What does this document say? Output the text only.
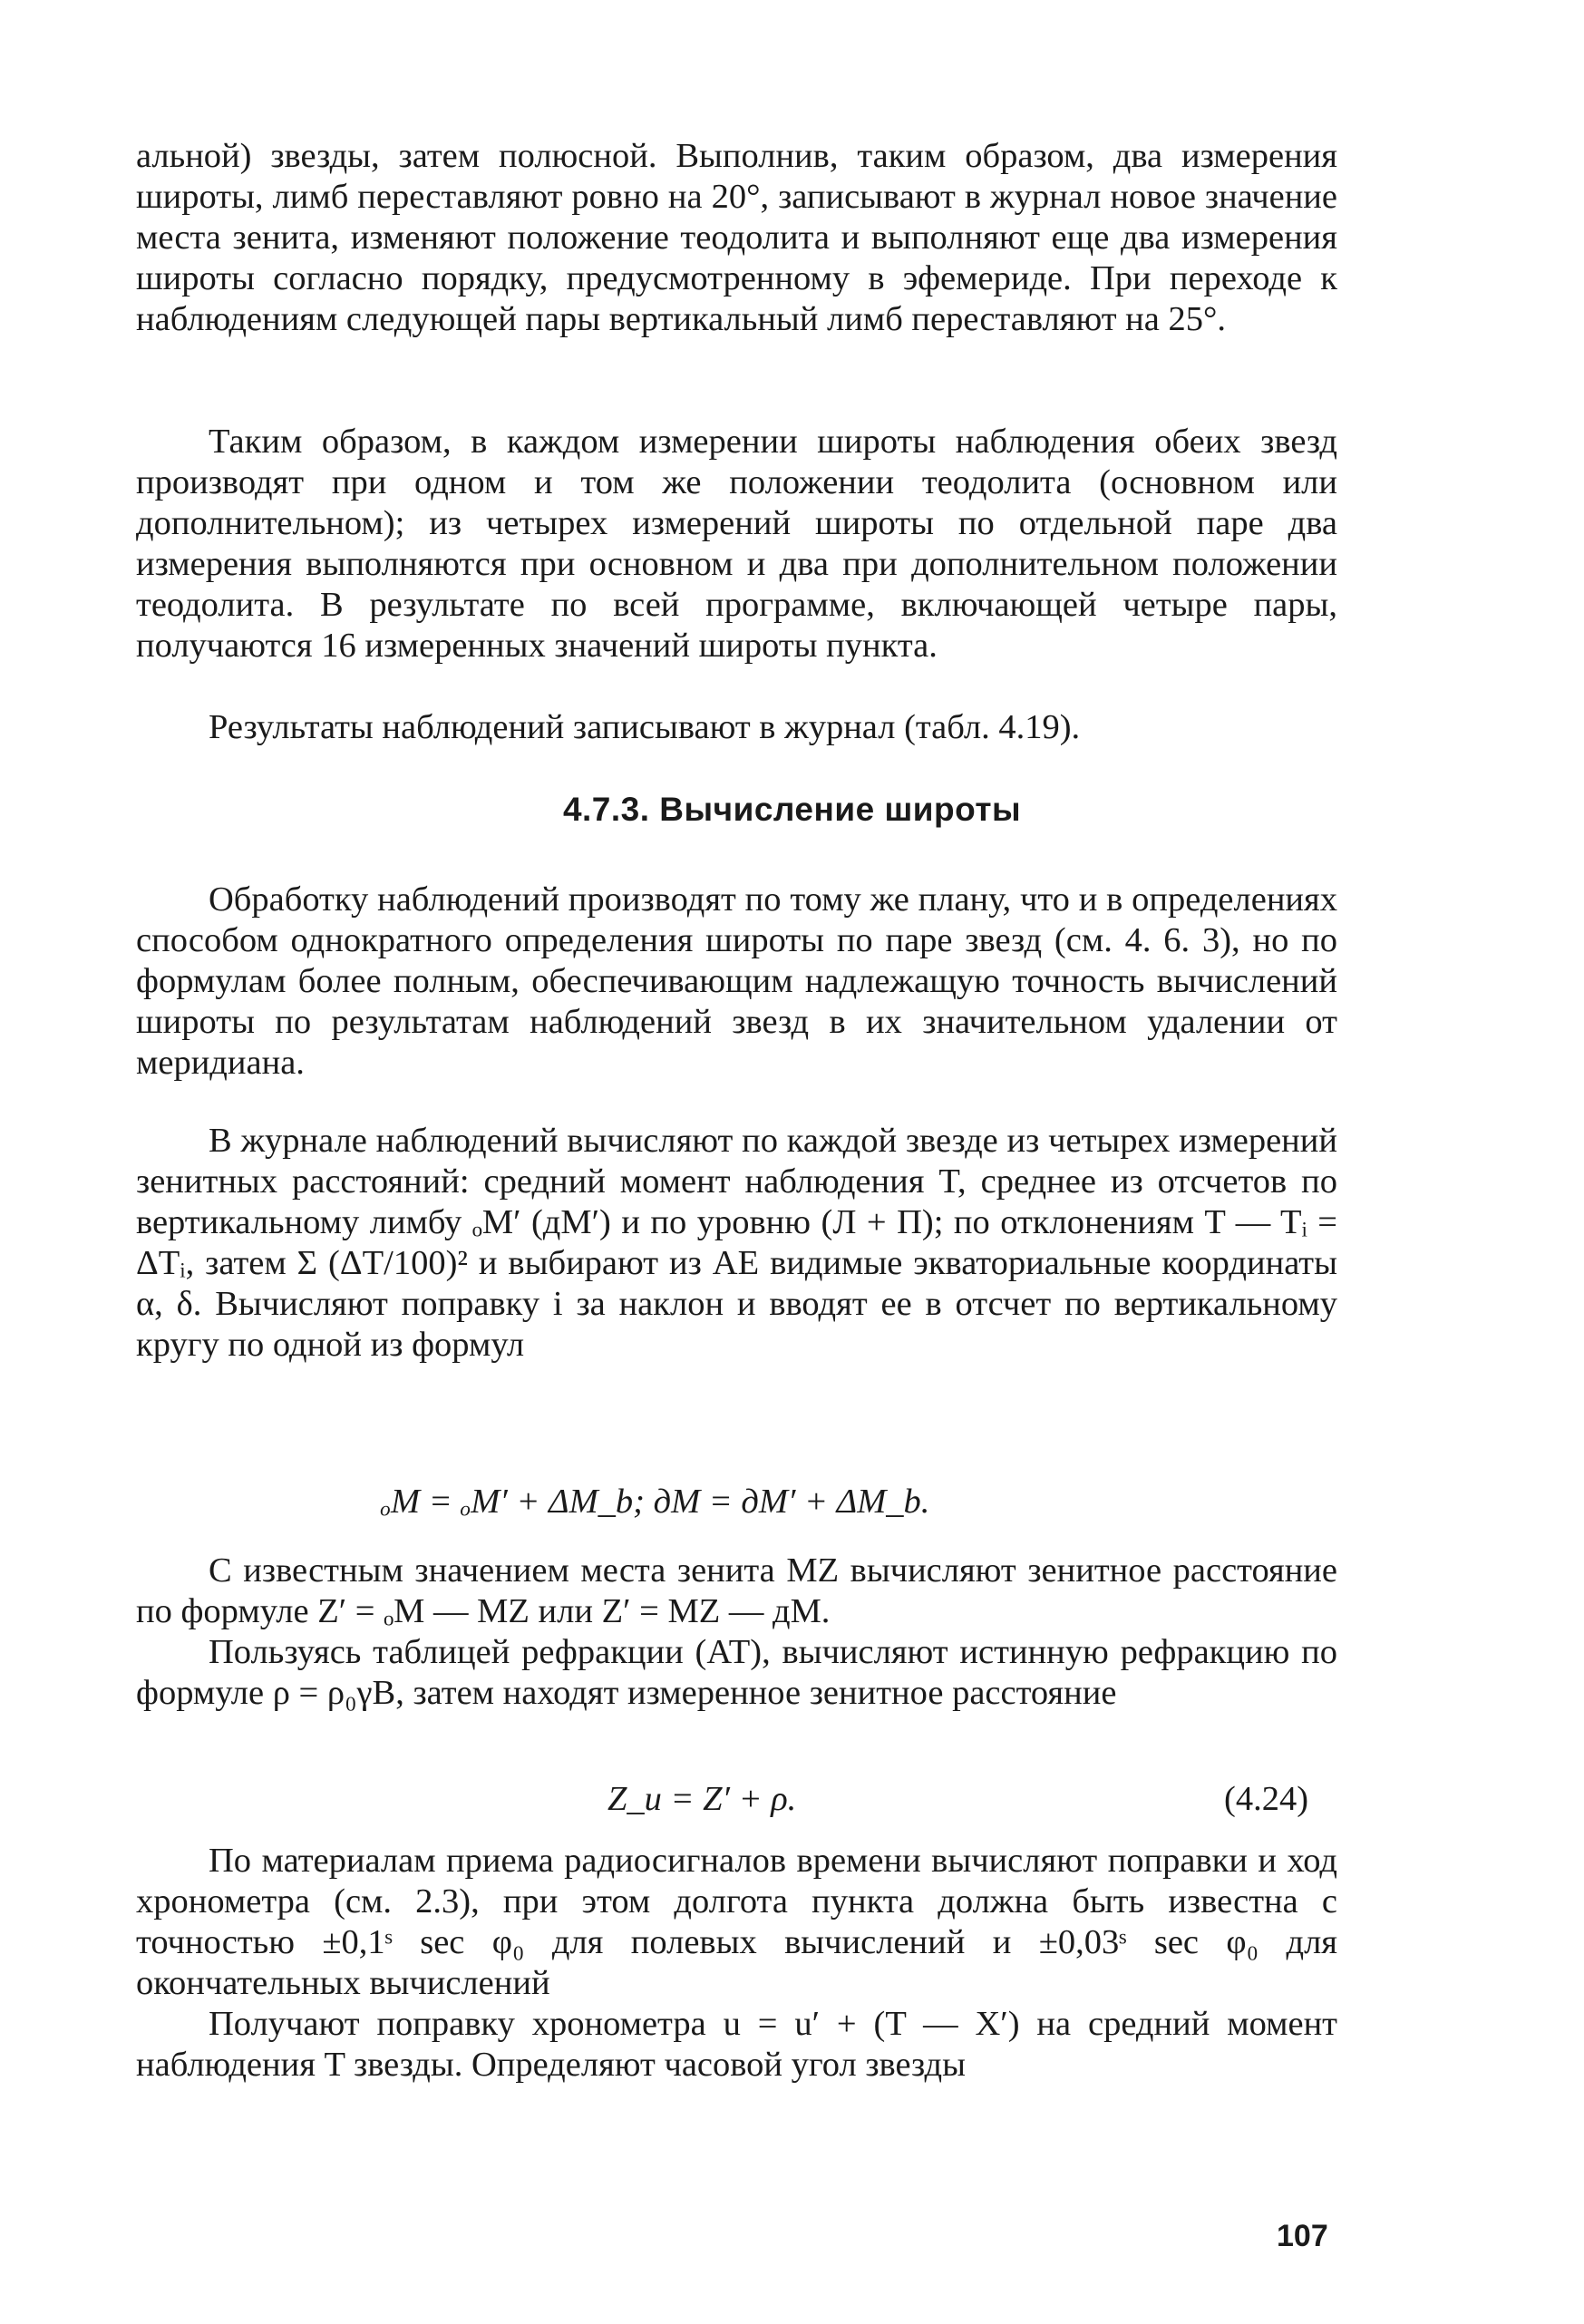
альной) звезды, затем полюсной. Выполнив, таким образом, два измерения широты, лимб переставляют ровно на 20°, записывают в журнал новое значение места зенита, изменяют положение теодолита и выполняют еще два измерения широты согласно порядку, предусмотренному в эфемериде. При переходе к наблюдениям следующей пары вертикальный лимб переставляют на 25°.

Таким образом, в каждом измерении широты наблюдения обеих звезд производят при одном и том же положении теодолита (основном или дополнительном); из четырех измерений широты по отдельной паре два измерения выполняются при основном и два при дополнительном положении теодолита. В результате по всей программе, включающей четыре пары, получаются 16 измеренных значений широты пункта.

Результаты наблюдений записывают в журнал (табл. 4.19).

4.7.3. Вычисление широты

Обработку наблюдений производят по тому же плану, что и в определениях способом однократного определения широты по паре звезд (см. 4. 6. 3), но по формулам более полным, обеспечивающим надлежащую точность вычислений широты по результатам наблюдений звезд в их значительном удалении от меридиана.

В журнале наблюдений вычисляют по каждой звезде из четырех измерений зенитных расстояний: средний момент наблюдения T, среднее из отсчетов по вертикальному лимбу ₒM′ (дM′) и по уровню (Л + П); по отклонениям T — Tᵢ = ΔTᵢ, затем Σ (ΔT/100)² и выбирают из АЕ видимые экваториальные координаты α, δ. Вычисляют поправку i за наклон и вводят ее в отсчет по вертикальному кругу по одной из формул

ₒM = ₒM′ + ΔM_b; дM = дM′ + ΔM_b.

С известным значением места зенита MZ вычисляют зенитное расстояние по формуле Z′ = ₒM — MZ или Z′ = MZ — дM.

Пользуясь таблицей рефракции (АТ), вычисляют истинную рефракцию по формуле ρ = ρ₀γB, затем находят измеренное зенитное расстояние

Z_u = Z′ + ρ.	(4.24)

По материалам приема радиосигналов времени вычисляют поправки и ход хронометра (см. 2.3), при этом долгота пункта должна быть известна с точностью ±0,1ˢ sec φ₀ для полевых вычислений и ±0,03ˢ sec φ₀ для окончательных вычислений

Получают поправку хронометра u = u′ + (T — X′) на средний момент наблюдения T звезды. Определяют часовой угол звезды

107
